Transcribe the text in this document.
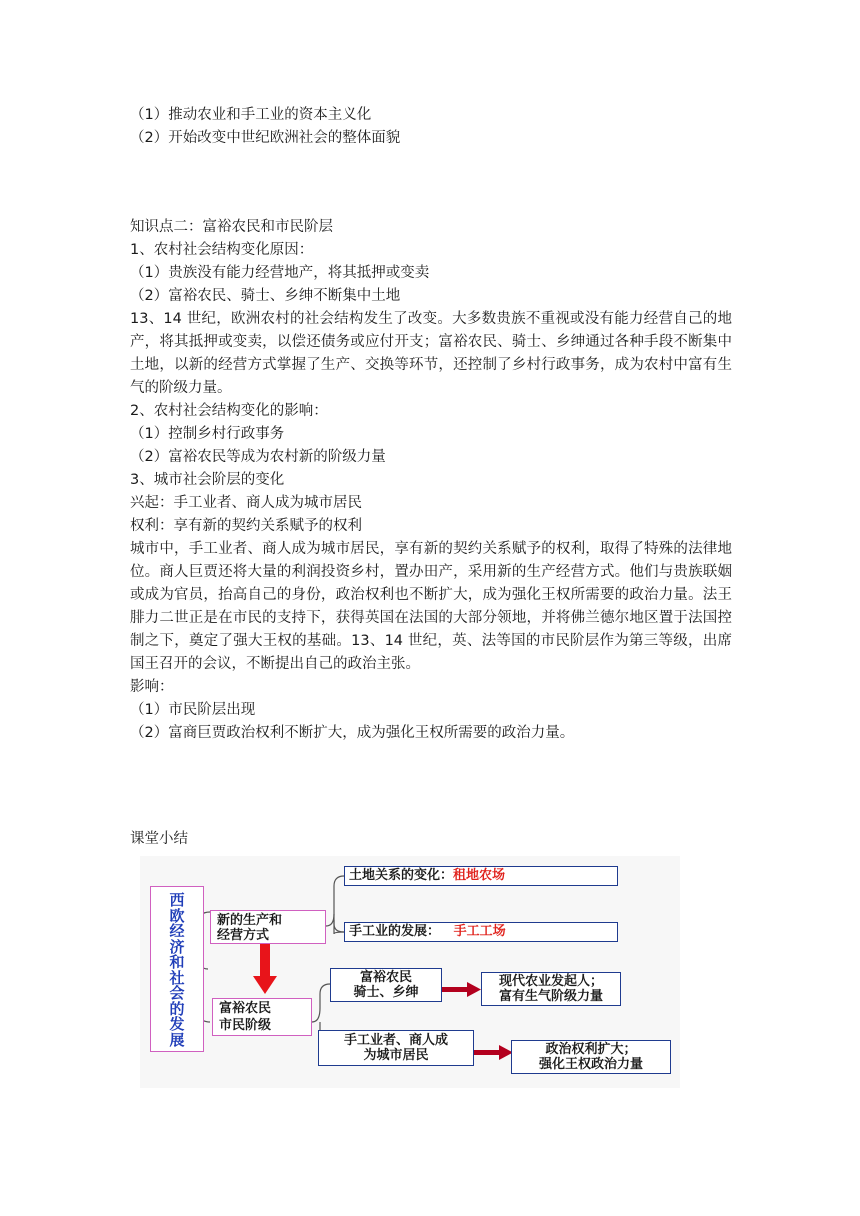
（1）推动农业和手工业的资本主义化
（2）开始改变中世纪欧洲社会的整体面貌
知识点二：富裕农民和市民阶层
1、农村社会结构变化原因：
（1）贵族没有能力经营地产，将其抵押或变卖
（2）富裕农民、骑士、乡绅不断集中土地
13、14 世纪，欧洲农村的社会结构发生了改变。大多数贵族不重视或没有能力经营自己的地产，将其抵押或变卖，以偿还债务或应付开支；富裕农民、骑士、乡绅通过各种手段不断集中土地，以新的经营方式掌握了生产、交换等环节，还控制了乡村行政事务，成为农村中富有生气的阶级力量。
2、农村社会结构变化的影响：
（1）控制乡村行政事务
（2）富裕农民等成为农村新的阶级力量
3、城市社会阶层的变化
兴起：手工业者、商人成为城市居民
权利：享有新的契约关系赋予的权利
城市中，手工业者、商人成为城市居民，享有新的契约关系赋予的权利，取得了特殊的法律地位。商人巨贾还将大量的利润投资乡村，置办田产，采用新的生产经营方式。他们与贵族联姻或成为官员，抬高自己的身份，政治权利也不断扩大，成为强化王权所需要的政治力量。法王腓力二世正是在市民的支持下，获得英国在法国的大部分领地，并将佛兰德尔地区置于法国控制之下，奠定了强大王权的基础。13、14 世纪，英、法等国的市民阶层作为第三等级，出席国王召开的会议，不断提出自己的政治主张。
影响：
（1）市民阶层出现
（2）富商巨贾政治权利不断扩大，成为强化王权所需要的政治力量。
课堂小结
西
欧
经
济
和
社
会
的
发
展
新的生产和
经营方式
土地关系的变化：租地农场
手工业的发展： 手工工场
富裕农民
市民阶级
富裕农民
骑士、乡绅
现代农业发起人；
富有生气阶级力量
手工业者、商人成
为城市居民	政治权利扩大；
强化王权政治力量
